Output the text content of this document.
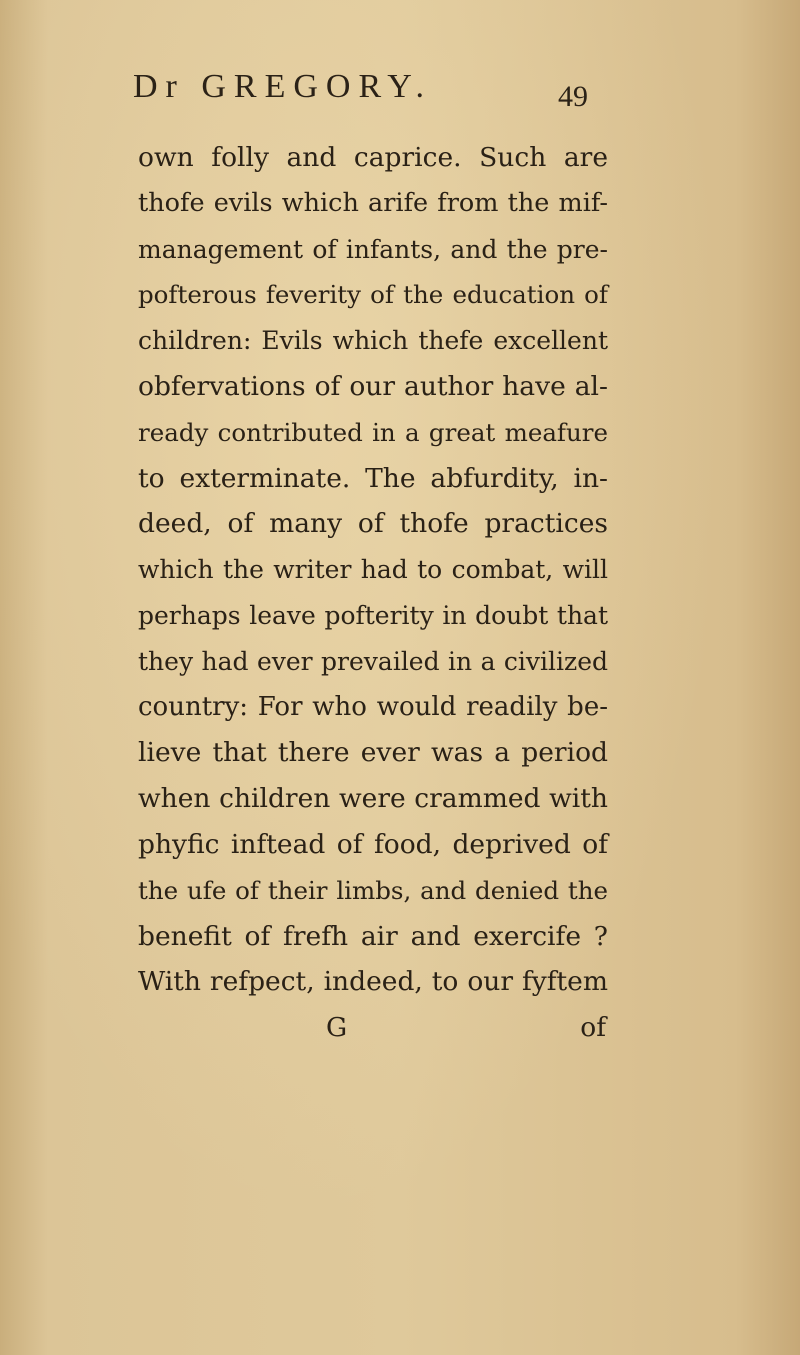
Dr GREGORY.	49
own folly and caprice. Such are
thofe evils which arife from the mif-
management of infants, and the pre-
pofterous feverity of the education of
children: Evils which thefe excellent
obfervations of our author have al-
ready contributed in a great meafure
to exterminate. The abfurdity, in-
deed, of many of thofe practices
which the writer had to combat, will
perhaps leave pofterity in doubt that
they had ever prevailed in a civilized
country: For who would readily be-
lieve that there ever was a period
when children were crammed with
phyfic inftead of food, deprived of
the ufe of their limbs, and denied the
benefit of frefh air and exercife ?
With refpect, indeed, to our fyftem
G	of
